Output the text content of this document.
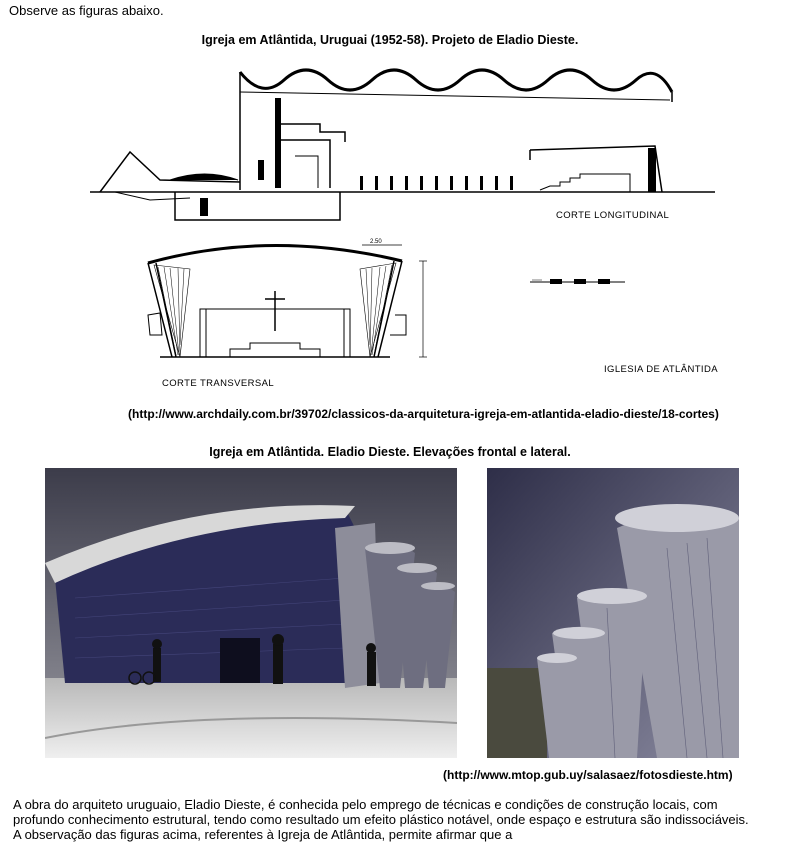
Observe as figuras abaixo.
Igreja em Atlântida, Uruguai (1952-58). Projeto de Eladio Dieste.
CORTE LONGITUDINAL
2.50
CORTE TRANSVERSAL
IGLESIA DE ATLÂNTIDA
(http://www.archdaily.com.br/39702/classicos-da-arquitetura-igreja-em-atlantida-eladio-dieste/18-cortes)
Igreja em Atlântida. Eladio Dieste. Elevações frontal e lateral.
(http://www.mtop.gub.uy/salasaez/fotosdieste.htm)
A obra do arquiteto uruguaio, Eladio Dieste, é conhecida pelo emprego de técnicas e condições de construção locais, com
profundo conhecimento estrutural, tendo como resultado um efeito plástico notável, onde espaço e estrutura são indissociáveis.
A observação das figuras acima, referentes à Igreja de Atlântida, permite afirmar que a
